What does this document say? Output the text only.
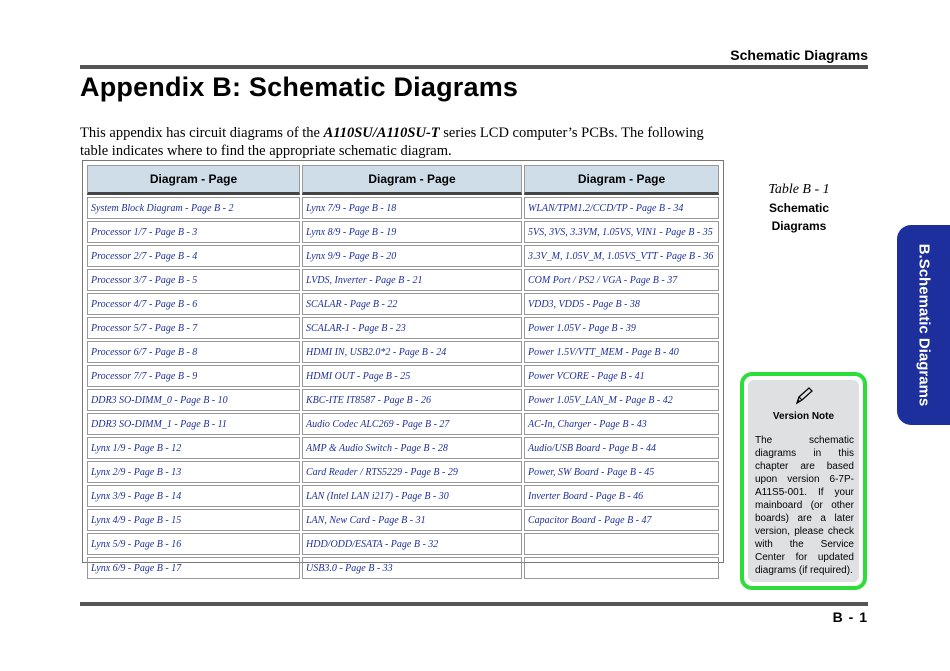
Schematic Diagrams
Appendix B: Schematic Diagrams
This appendix has circuit diagrams of the A110SU/A110SU-T series LCD computer’s PCBs. The following table indicates where to find the appropriate schematic diagram.
Diagram - Page	Diagram - Page	Diagram - Page
System Block Diagram - Page B - 2	Lynx 7/9 - Page B - 18	WLAN/TPM1.2/CCD/TP - Page B - 34
Processor 1/7 - Page B - 3	Lynx 8/9 - Page B - 19	5VS, 3VS, 3.3VM, 1.05VS, VIN1 - Page B - 35
Processor 2/7 - Page B - 4	Lynx 9/9 - Page B - 20	3.3V_M, 1.05V_M, 1.05VS_VTT - Page B - 36
Processor 3/7 - Page B - 5	LVDS, Inverter - Page B - 21	COM Port / PS2 / VGA - Page B - 37
Processor 4/7 - Page B - 6	SCALAR - Page B - 22	VDD3, VDD5 - Page B - 38
Processor 5/7 - Page B - 7	SCALAR-1 - Page B - 23	Power 1.05V - Page B - 39
Processor 6/7 - Page B - 8	HDMI IN, USB2.0*2 - Page B - 24	Power 1.5V/VTT_MEM - Page B - 40
Processor 7/7 - Page B - 9	HDMI OUT - Page B - 25	Power VCORE - Page B - 41
DDR3 SO-DIMM_0 - Page B - 10	KBC-ITE IT8587 - Page B - 26	Power 1.05V_LAN_M - Page B - 42
DDR3 SO-DIMM_1 - Page B - 11	Audio Codec ALC269 - Page B - 27	AC-In, Charger - Page B - 43
Lynx 1/9 - Page B - 12	AMP & Audio Switch - Page B - 28	Audio/USB Board - Page B - 44
Lynx 2/9 - Page B - 13	Card Reader / RTS5229 - Page B - 29	Power, SW Board - Page B - 45
Lynx 3/9 - Page B - 14	LAN (Intel LAN i217) - Page B - 30	Inverter Board - Page B - 46
Lynx 4/9 - Page B - 15	LAN, New Card - Page B - 31	Capacitor Board - Page B - 47
Lynx 5/9 - Page B - 16	HDD/ODD/ESATA - Page B - 32	
Lynx 6/9 - Page B - 17	USB3.0 - Page B - 33	
Table B - 1
Schematic
Diagrams
B.Schematic Diagrams
Version Note
The schematic diagrams in this chapter are based upon version 6-7P-A11S5-001. If your mainboard (or other boards) are a later version, please check with the Service Center for updated diagrams (if required).
B - 1
